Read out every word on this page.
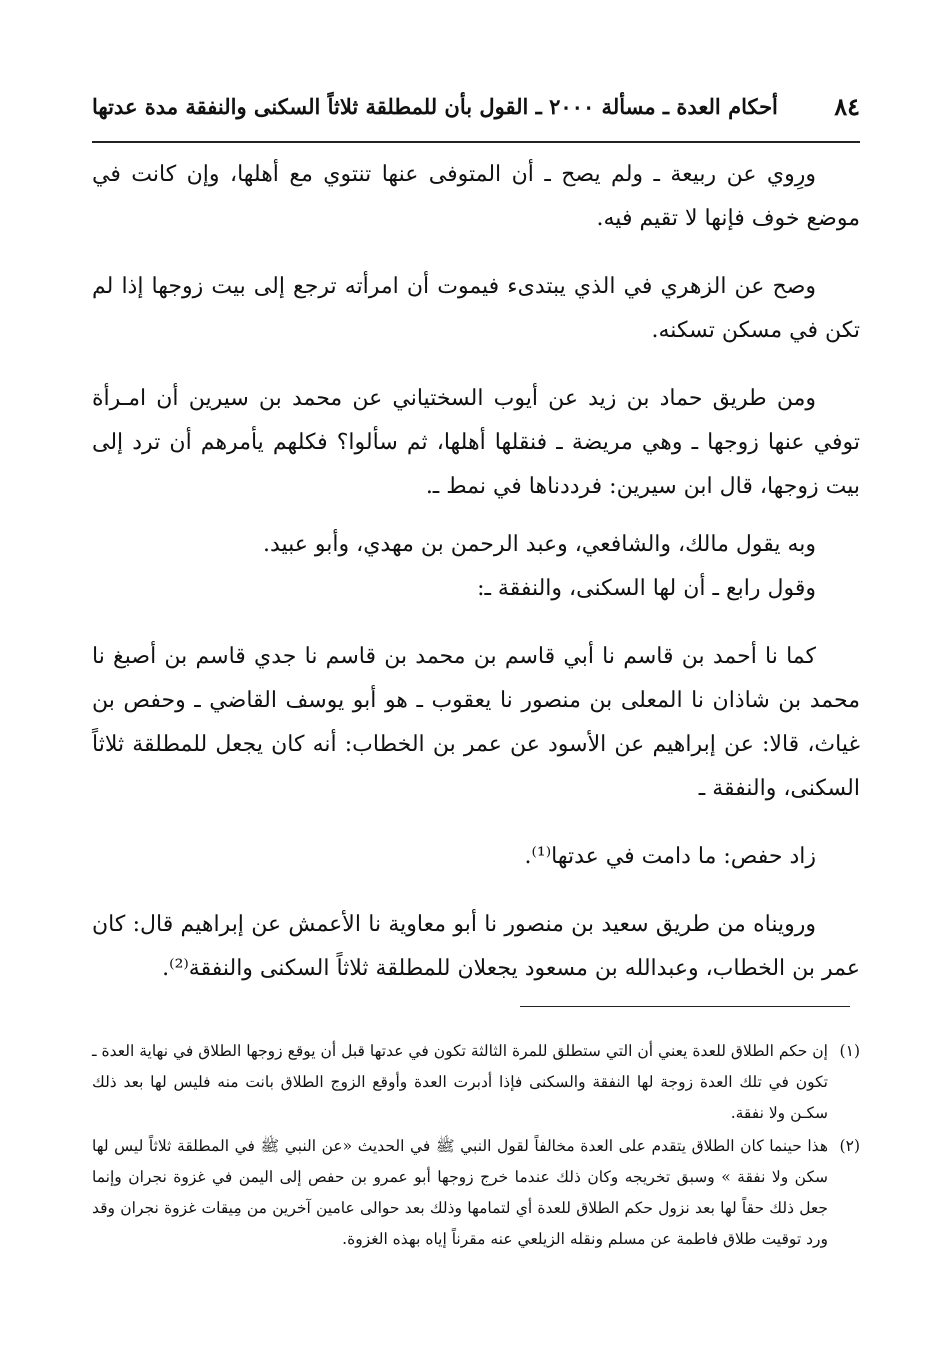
٨٤
أحكام العدة ـ مسألة ٢٠٠٠ ـ القول بأن للمطلقة ثلاثاً السكنى والنفقة مدة عدتها

ورِوي عن ربيعة ـ ولم يصح ـ أن المتوفى عنها تنتوي مع أهلها، وإن كانت في موضع خوف فإنها لا تقيم فيه.

وصح عن الزهري في الذي يبتدىء فيموت أن امرأته ترجع إلى بيت زوجها إذا لم تكن في مسكن تسكنه.

ومن طريق حماد بن زيد عن أيوب السختياني عن محمد بن سيرين أن امـرأة توفي عنها زوجها ـ وهي مريضة ـ فنقلها أهلها، ثم سألوا؟ فكلهم يأمرهم أن ترد إلى بيت زوجها، قال ابن سيرين: فرددناها في نمط ـ.

وبه يقول مالك، والشافعي، وعبد الرحمن بن مهدي، وأبو عبيد.

وقول رابع ـ أن لها السكنى، والنفقة ـ:

كما نا أحمد بن قاسم نا أبي قاسم بن محمد بن قاسم نا جدي قاسم بن أصبغ نا محمد بن شاذان نا المعلى بن منصور نا يعقوب ـ هو أبو يوسف القاضي ـ وحفص بن غياث، قالا: عن إبراهيم عن الأسود عن عمر بن الخطاب: أنه كان يجعل للمطلقة ثلاثاً السكنى، والنفقة ـ

زاد حفص: ما دامت في عدتها⁽¹⁾.

ورويناه من طريق سعيد بن منصور نا أبو معاوية نا الأعمش عن إبراهيم قال: كان عمر بن الخطاب، وعبدالله بن مسعود يجعلان للمطلقة ثلاثاً السكنى والنفقة⁽²⁾.

(١)
إن حكم الطلاق للعدة يعني أن التي ستطلق للمرة الثالثة تكون في عدتها قبل أن يوقع زوجها الطلاق في نهاية العدة ـ تكون في تلك العدة زوجة لها النفقة والسكنى فإذا أدبرت العدة وأوقع الزوج الطلاق بانت منه فليس لها بعد ذلك سكـن ولا نفقة.
(٢)
هذا حينما كان الطلاق يتقدم على العدة مخالفاً لقول النبي ﷺ في الحديث «عن النبي ﷺ في المطلقة ثلاثاً ليس لها سكن ولا نفقة » وسبق تخريجه وكان ذلك عندما خرج زوجها أبو عمرو بن حفص إلى اليمن في غزوة نجران وإنما جعل ذلك حقاً لها بعد نزول حكم الطلاق للعدة أي لتمامها وذلك بعد حوالى عامين آخرين من مِيقات غزوة نجران وقد ورد توقيت طلاق فاطمة عن مسلم ونقله الزيلعي عنه مقرناً إياه بهذه الغزوة.
